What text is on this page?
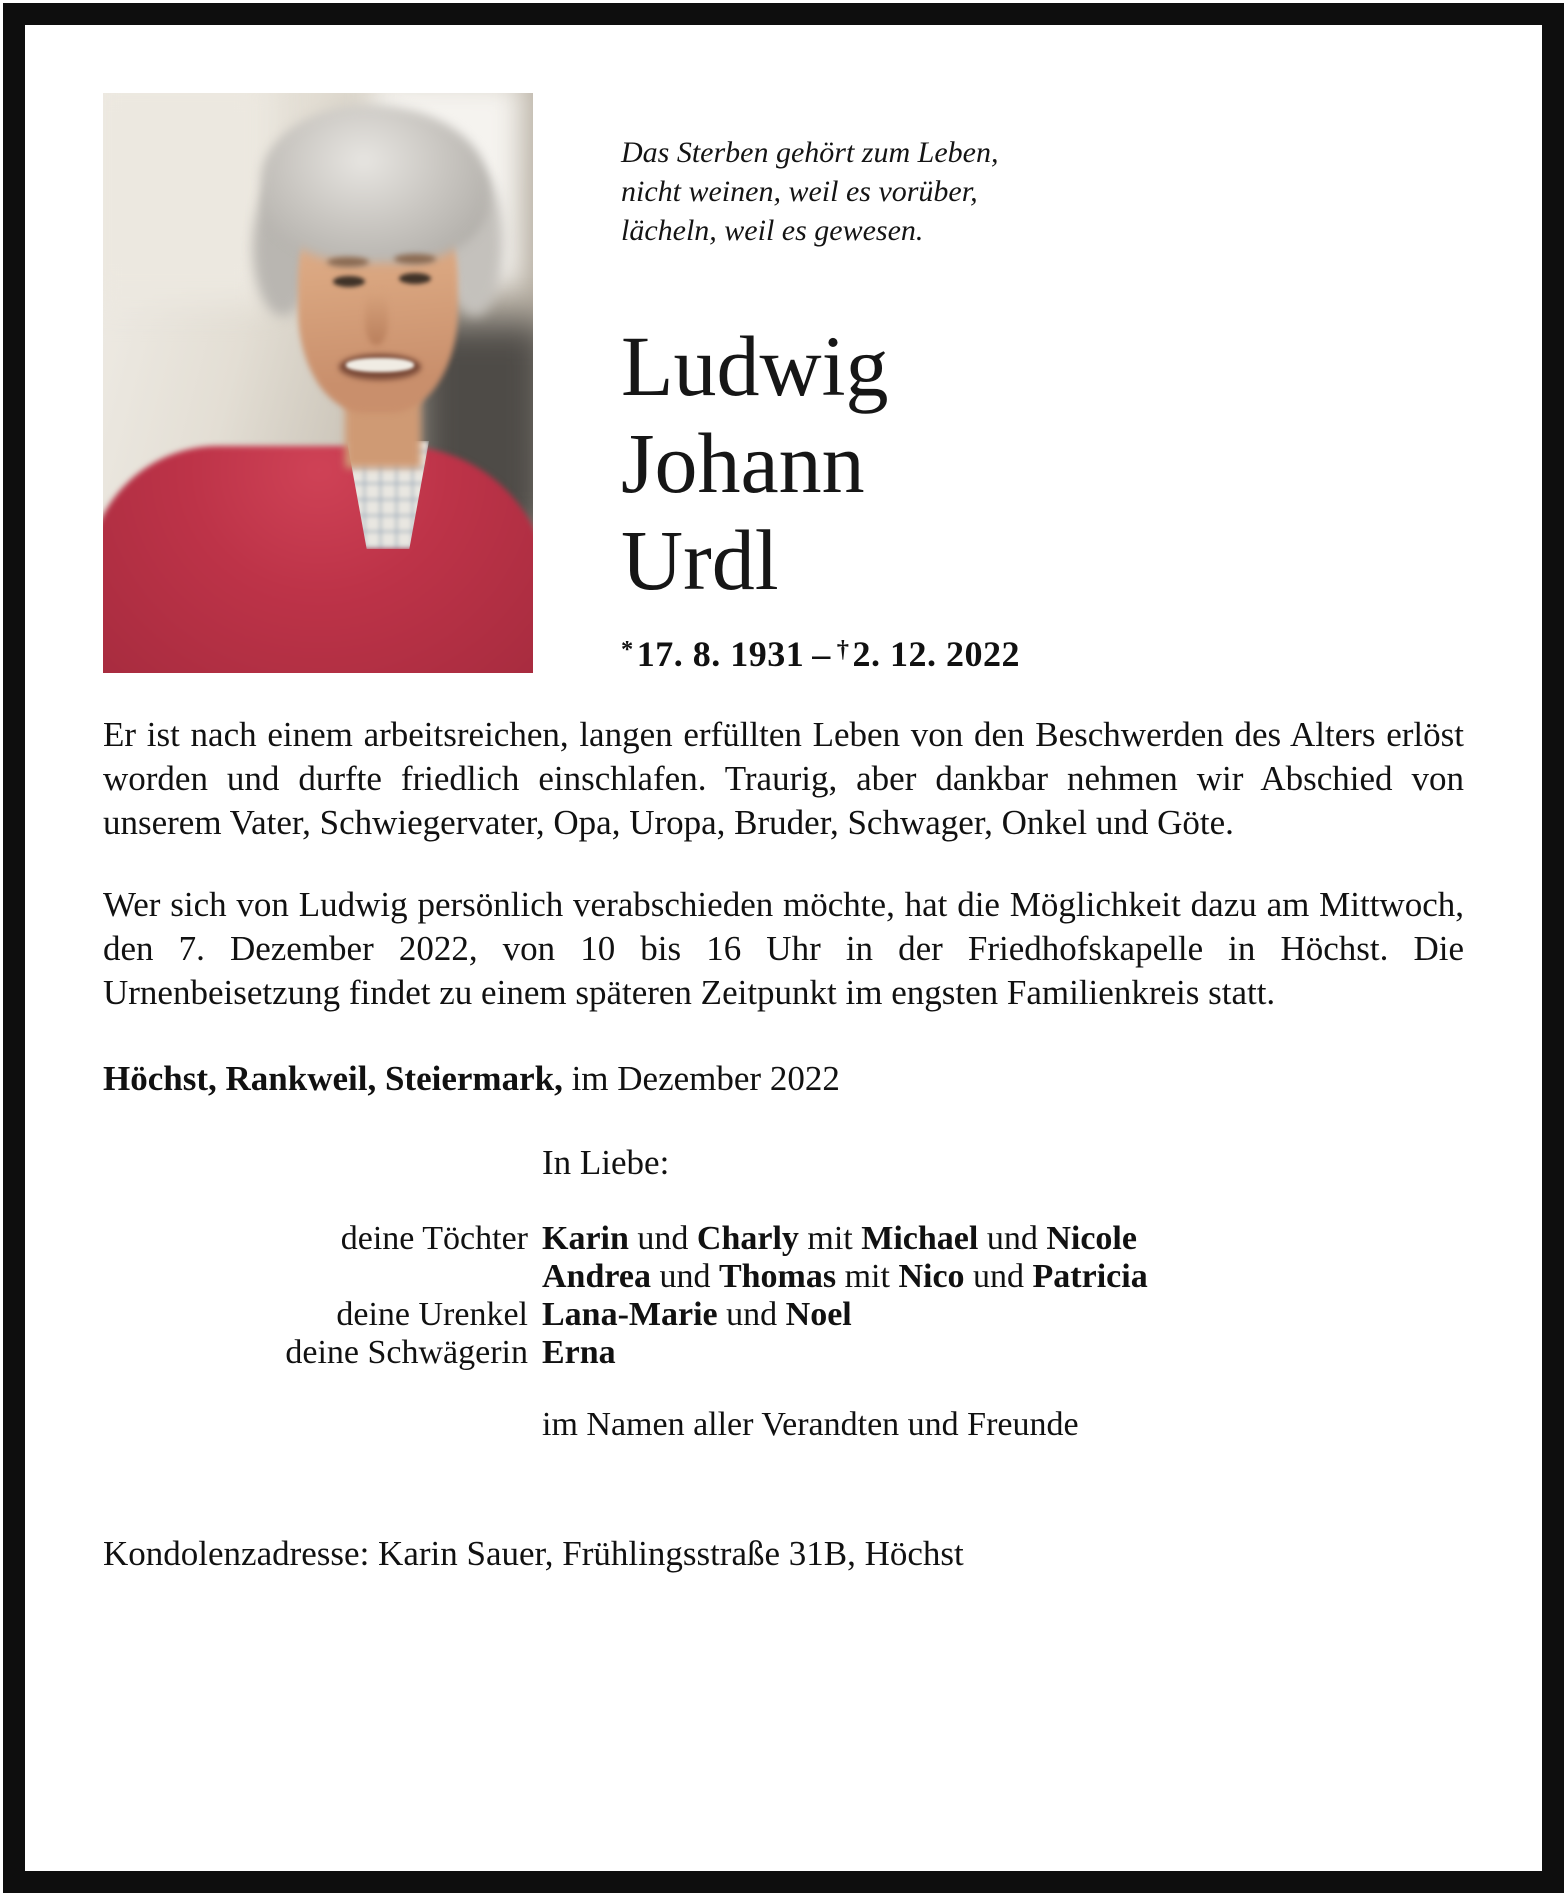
Das Sterben gehört zum Leben,
nicht weinen, weil es vorüber,
lächeln, weil es gewesen.
Ludwig
Johann
Urdl
*17. 8. 1931 – †2. 12. 2022

Er ist nach einem arbeitsreichen, langen erfüllten Leben von den Beschwerden des Alters erlöst worden und durfte friedlich einschlafen. Traurig, aber dankbar nehmen wir Abschied von unserem Vater, Schwiegervater, Opa, Uropa, Bruder, Schwager, Onkel und Göte.

Wer sich von Ludwig persönlich verabschieden möchte, hat die Möglichkeit dazu am Mittwoch, den 7. Dezember 2022, von 10 bis 16 Uhr in der Friedhofskapelle in Höchst. Die Urnenbeisetzung findet zu einem späteren Zeitpunkt im engsten Familienkreis statt.

Höchst, Rankweil, Steiermark, im Dezember 2022

In Liebe:

deine Töchter Karin und Charly mit Michael und Nicole
Andrea und Thomas mit Nico und Patricia
deine Urenkel Lana-Marie und Noel
deine Schwägerin Erna

im Namen aller Verandten und Freunde

Kondolenzadresse: Karin Sauer, Frühlingsstraße 31B, Höchst
